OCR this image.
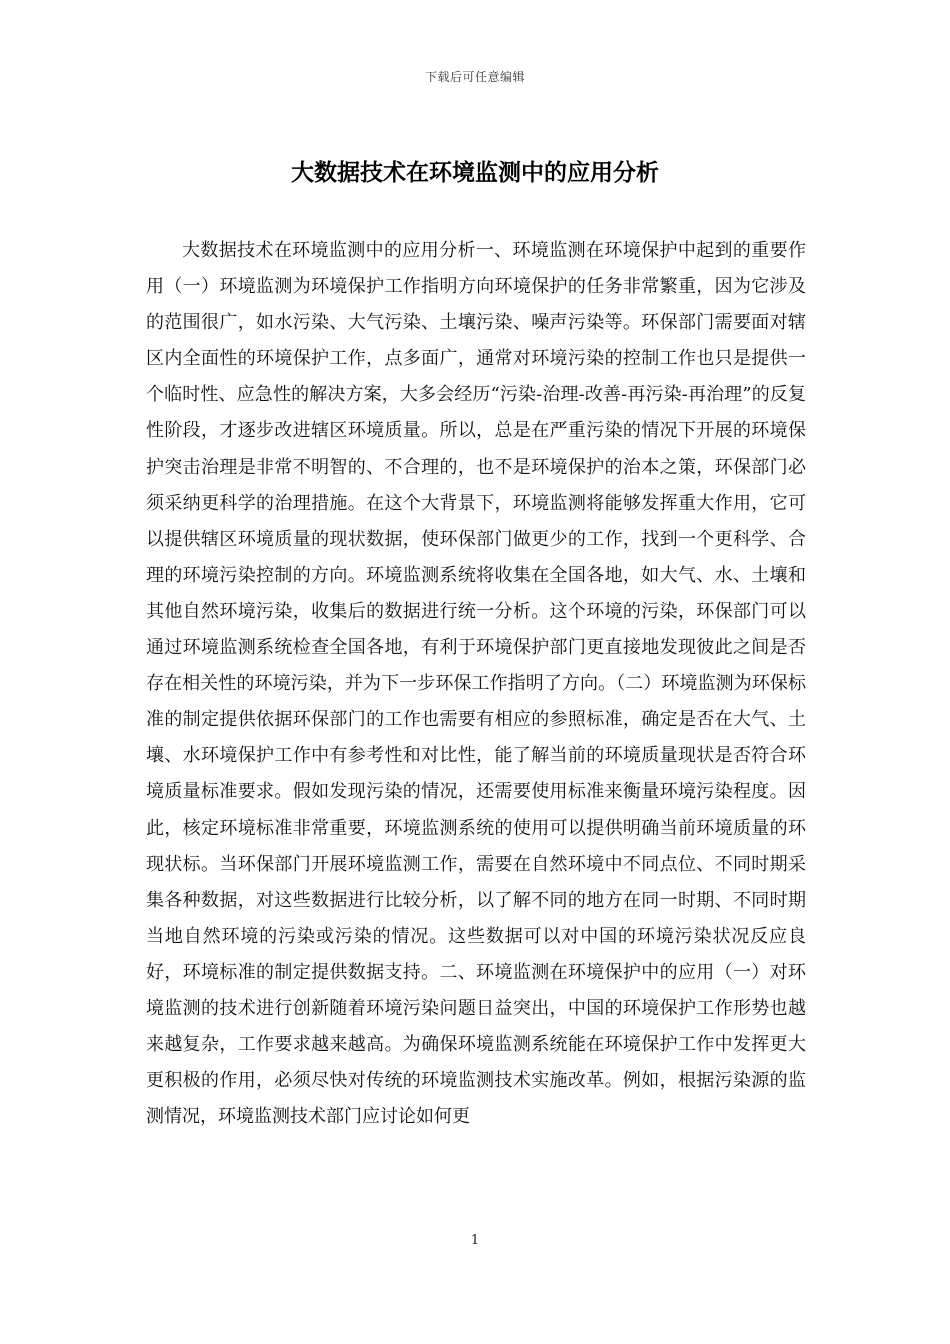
下载后可任意编辑
大数据技术在环境监测中的应用分析

大数据技术在环境监测中的应用分析一、环境监测在环境保护中起到的重要作用（一）环境监测为环境保护工作指明方向环境保护的任务非常繁重，因为它涉及的范围很广，如水污染、大气污染、土壤污染、噪声污染等。环保部门需要面对辖区内全面性的环境保护工作，点多面广，通常对环境污染的控制工作也只是提供一个临时性、应急性的解决方案，大多会经历“污染-治理-改善-再污染-再治理”的反复性阶段，才逐步改进辖区环境质量。所以，总是在严重污染的情况下开展的环境保护突击治理是非常不明智的、不合理的，也不是环境保护的治本之策，环保部门必须采纳更科学的治理措施。在这个大背景下，环境监测将能够发挥重大作用，它可以提供辖区环境质量的现状数据，使环保部门做更少的工作，找到一个更科学、合理的环境污染控制的方向。环境监测系统将收集在全国各地，如大气、水、土壤和其他自然环境污染，收集后的数据进行统一分析。这个环境的污染，环保部门可以通过环境监测系统检查全国各地，有利于环境保护部门更直接地发现彼此之间是否存在相关性的环境污染，并为下一步环保工作指明了方向。（二）环境监测为环保标准的制定提供依据环保部门的工作也需要有相应的参照标准，确定是否在大气、土壤、水环境保护工作中有参考性和对比性，能了解当前的环境质量现状是否符合环境质量标准要求。假如发现污染的情况，还需要使用标准来衡量环境污染程度。因此，核定环境标准非常重要，环境监测系统的使用可以提供明确当前环境质量的环现状标。当环保部门开展环境监测工作，需要在自然环境中不同点位、不同时期采集各种数据，对这些数据进行比较分析，以了解不同的地方在同一时期、不同时期当地自然环境的污染或污染的情况。这些数据可以对中国的环境污染状况反应良好，环境标准的制定提供数据支持。二、环境监测在环境保护中的应用（一）对环境监测的技术进行创新随着环境污染问题日益突出，中国的环境保护工作形势也越来越复杂，工作要求越来越高。为确保环境监测系统能在环境保护工作中发挥更大更积极的作用，必须尽快对传统的环境监测技术实施改革。例如，根据污染源的监测情况，环境监测技术部门应讨论如何更

1
